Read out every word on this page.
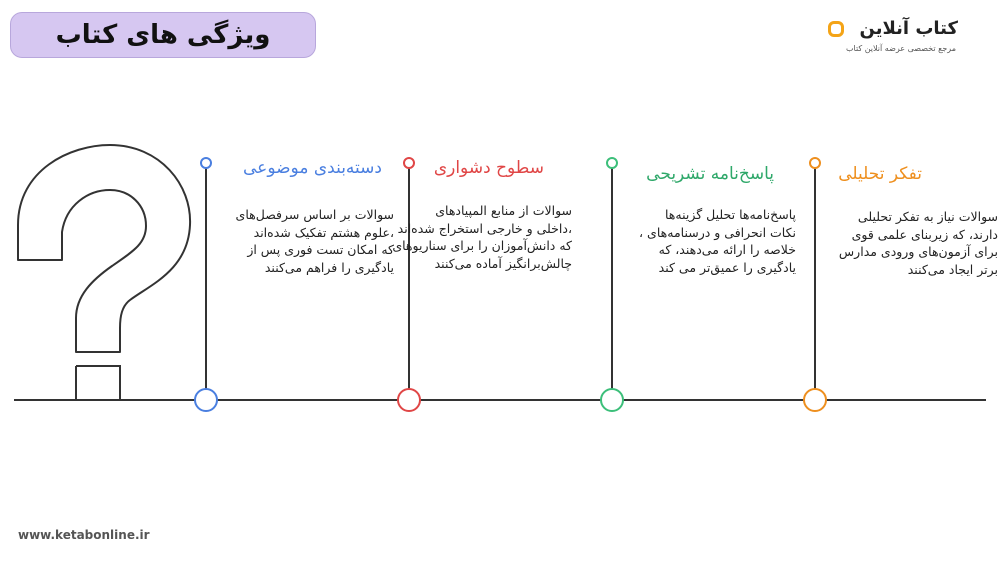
ویژگی های کتاب	کتاب آنلاین
مرجع تخصصی عرضه آنلاین کتاب
دسته‌بندی موضوعی
سوالات بر اساس سرفصل‌های
،علوم هشتم تفکیک شده‌اند
که امکان تست فوری پس از
یادگیری را فراهم می‌کنند
سطوح دشواری
سوالات از منابع المپیادهای
،داخلی و خارجی استخراج شده‌اند
که دانش‌آموزان را برای سناریوهای
چالش‌برانگیز آماده می‌کنند
پاسخ‌نامه تشریحی
پاسخ‌نامه‌ها تحلیل گزینه‌ها
نکات انحرافی و درسنامه‌های ،
خلاصه را ارائه می‌دهند، که
یادگیری را عمیق‌تر می کند
تفکر تحلیلی
سوالات نیاز به تفکر تحلیلی
دارند، که زیربنای علمی قوی
برای آزمون‌های ورودی مدارس
برتر ایجاد می‌کنند
www.ketabonline.ir
